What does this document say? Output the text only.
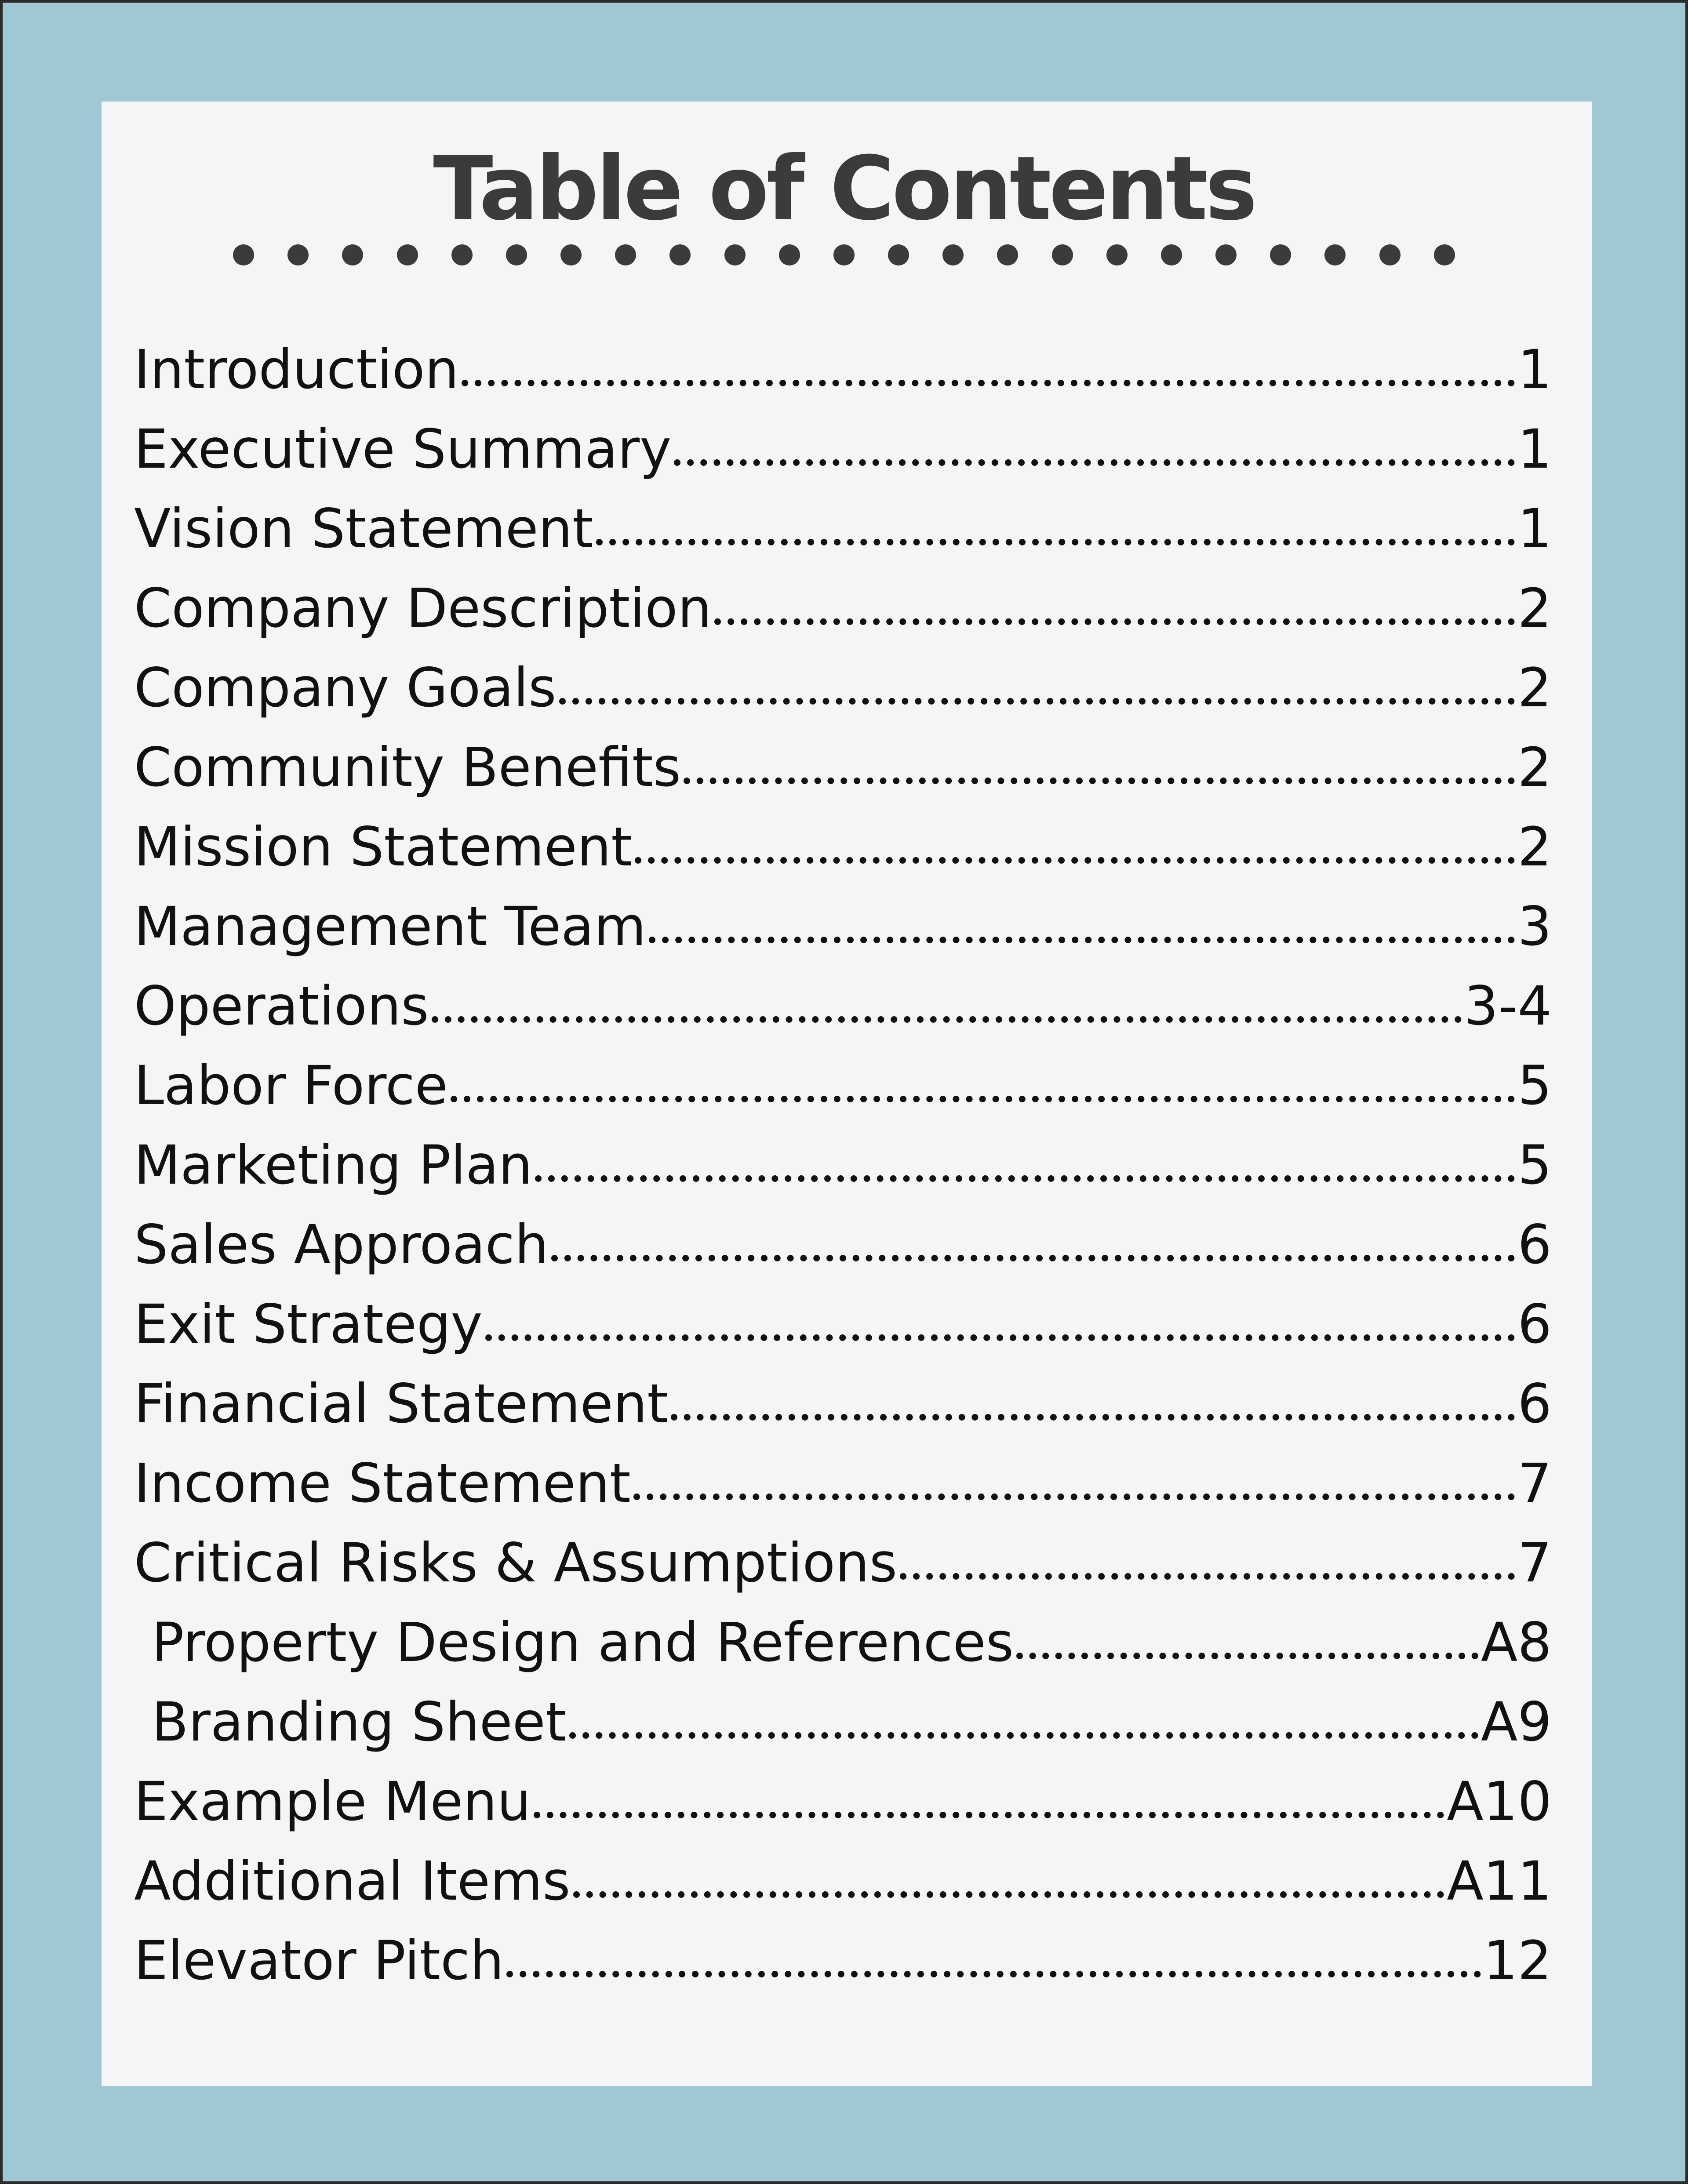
Table of Contents
Introduction	1
Executive Summary	1
Vision Statement	1
Company Description	2
Company Goals	2
Community Benefits	2
Mission Statement	2
Management Team	3
Operations	3-4
Labor Force	5
Marketing Plan	5
Sales Approach	6
Exit Strategy	6
Financial Statement	6
Income Statement	7
Critical Risks & Assumptions	7
Property Design and References	A8
Branding Sheet	A9
Example Menu	A10
Additional Items	A11
Elevator Pitch	12
